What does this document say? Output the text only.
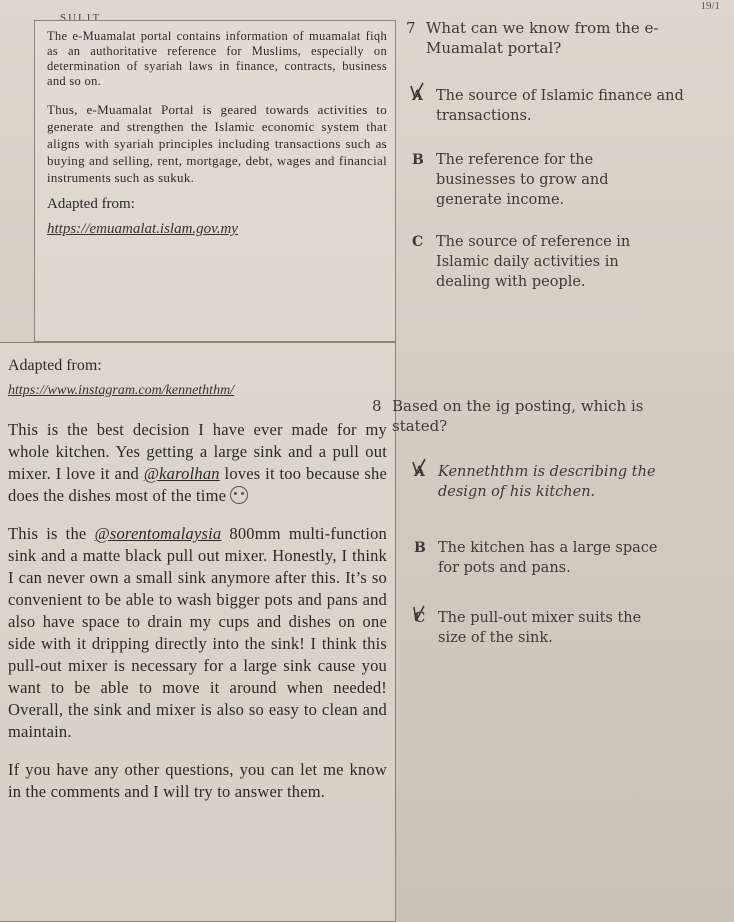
SULIT
19/1

The e-Muamalat portal contains information of muamalat fiqh as an authoritative reference for Muslims, especially on determination of syariah laws in finance, contracts, business and so on.

Thus, e-Muamalat Portal is geared towards activities to generate and strengthen the Islamic economic system that aligns with syariah principles including transactions such as buying and selling, rent, mortgage, debt, wages and financial instruments such as sukuk.

Adapted from:
https://emuamalat.islam.gov.my
Adapted from:
https://www.instagram.com/kenneththm/

This is the best decision I have ever made for my whole kitchen. Yes getting a large sink and a pull out mixer. I love it and @karolhan loves it too because she does the dishes most of the time

This is the @sorentomalaysia 800mm multi-function sink and a matte black pull out mixer. Honestly, I think I can never own a small sink anymore after this. It’s so convenient to be able to wash bigger pots and pans and also have space to drain my cups and dishes on one side with it dripping directly into the sink! I think this pull-out mixer is necessary for a large sink cause you want to be able to move it around when needed! Overall, the sink and mixer is also so easy to clean and maintain.

If you have any other questions, you can let me know in the comments and I will try to answer them.

7 What can we know from the e-
Muamalat portal?
A The source of Islamic finance and transactions.
B The reference for the businesses to grow and generate income.
C The source of reference in Islamic daily activities in dealing with people.
8 Based on the ig posting, which is
stated?
A Kenneththm is describing the design of his kitchen.
B The kitchen has a large space for pots and pans.
C The pull-out mixer suits the size of the sink.
